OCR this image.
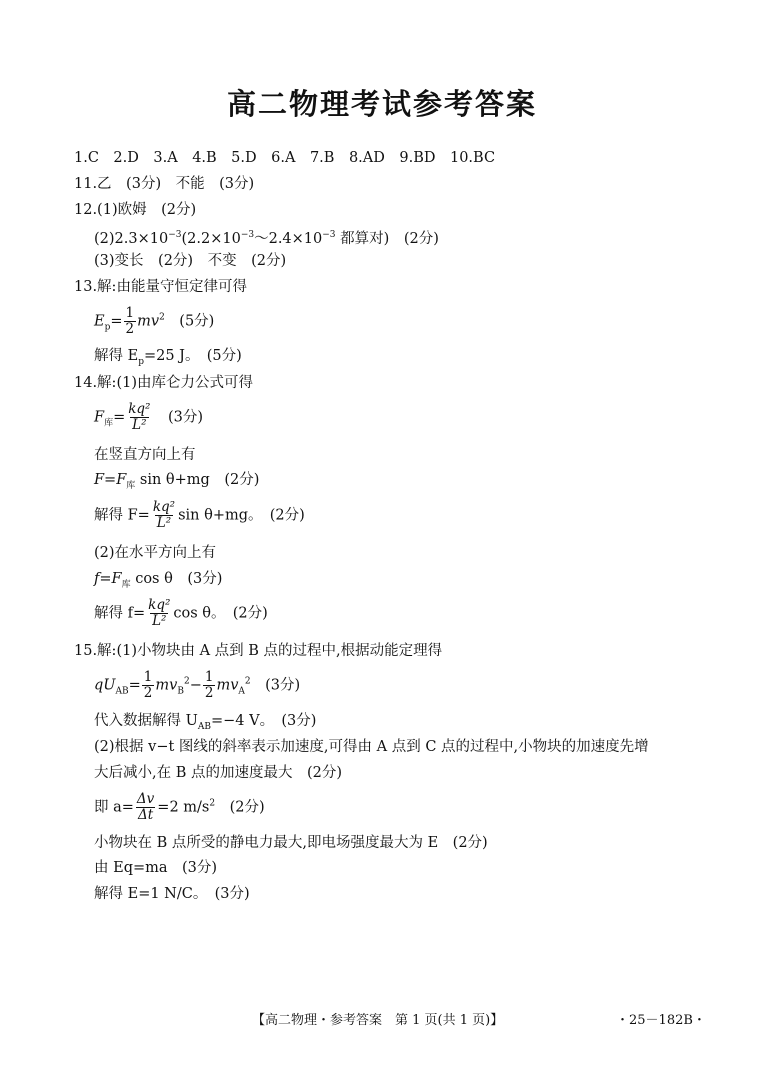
高二物理考试参考答案
1.C　2.D　3.A　4.B　5.D　6.A　7.B　8.AD　9.BD　10.BC
11.乙　(3分)　不能　(3分)
12.(1)欧姆　(2分)
$(2)2.3\times 10^{-3}(2.2\times 10^{-3}\sim 2.4\times 10^{-3}$ 都算对)　(2分)
(3)变长　(2分)　不变　(2分)
13.解:由能量守恒定律可得
$E_p= \frac{1}{2} mv^2$　(5分)
解得 $E_p=25$ J。　(5分)
14.解:(1)由库仑力公式可得
$F_库= \frac{\text{kq²}}{\text{L²}}$ 　(3分)
在竖直方向上有
$F=F_库$ sin θ+mg　(2分)
解得 $F= \frac{\text{kq²}}{\text{L²}}$ sin θ+mg。　(2分)
(2)在水平方向上有
$f=F_库$ cos θ　(3分)
解得 $f= \frac{\text{kq²}}{\text{L²}}$ cos θ。　(2分)
15.解:(1)小物块由 A 点到 B 点的过程中,根据动能定理得
$qU_{AB}= \frac{1}{2} mv_B^2- \frac{1}{2} mv_A^2$　(3分)
代入数据解得 $U_{AB}=-4$ V。　(3分)
(2)根据 v−t 图线的斜率表示加速度,可得由 A 点到 C 点的过程中,小物块的加速度先增
大后减小,在 B 点的加速度最大　(2分)
即 $a= \frac{\Delta v}{\Delta t} =2$ $m/s^2$　(2分)
小物块在 B 点所受的静电力最大,即电场强度最大为 E　(2分)
由 Eq=ma　(3分)
解得 E=1 N/C。　(3分)
【高二物理・参考答案　第 1 页(共 1 页)】	・25－182B・
